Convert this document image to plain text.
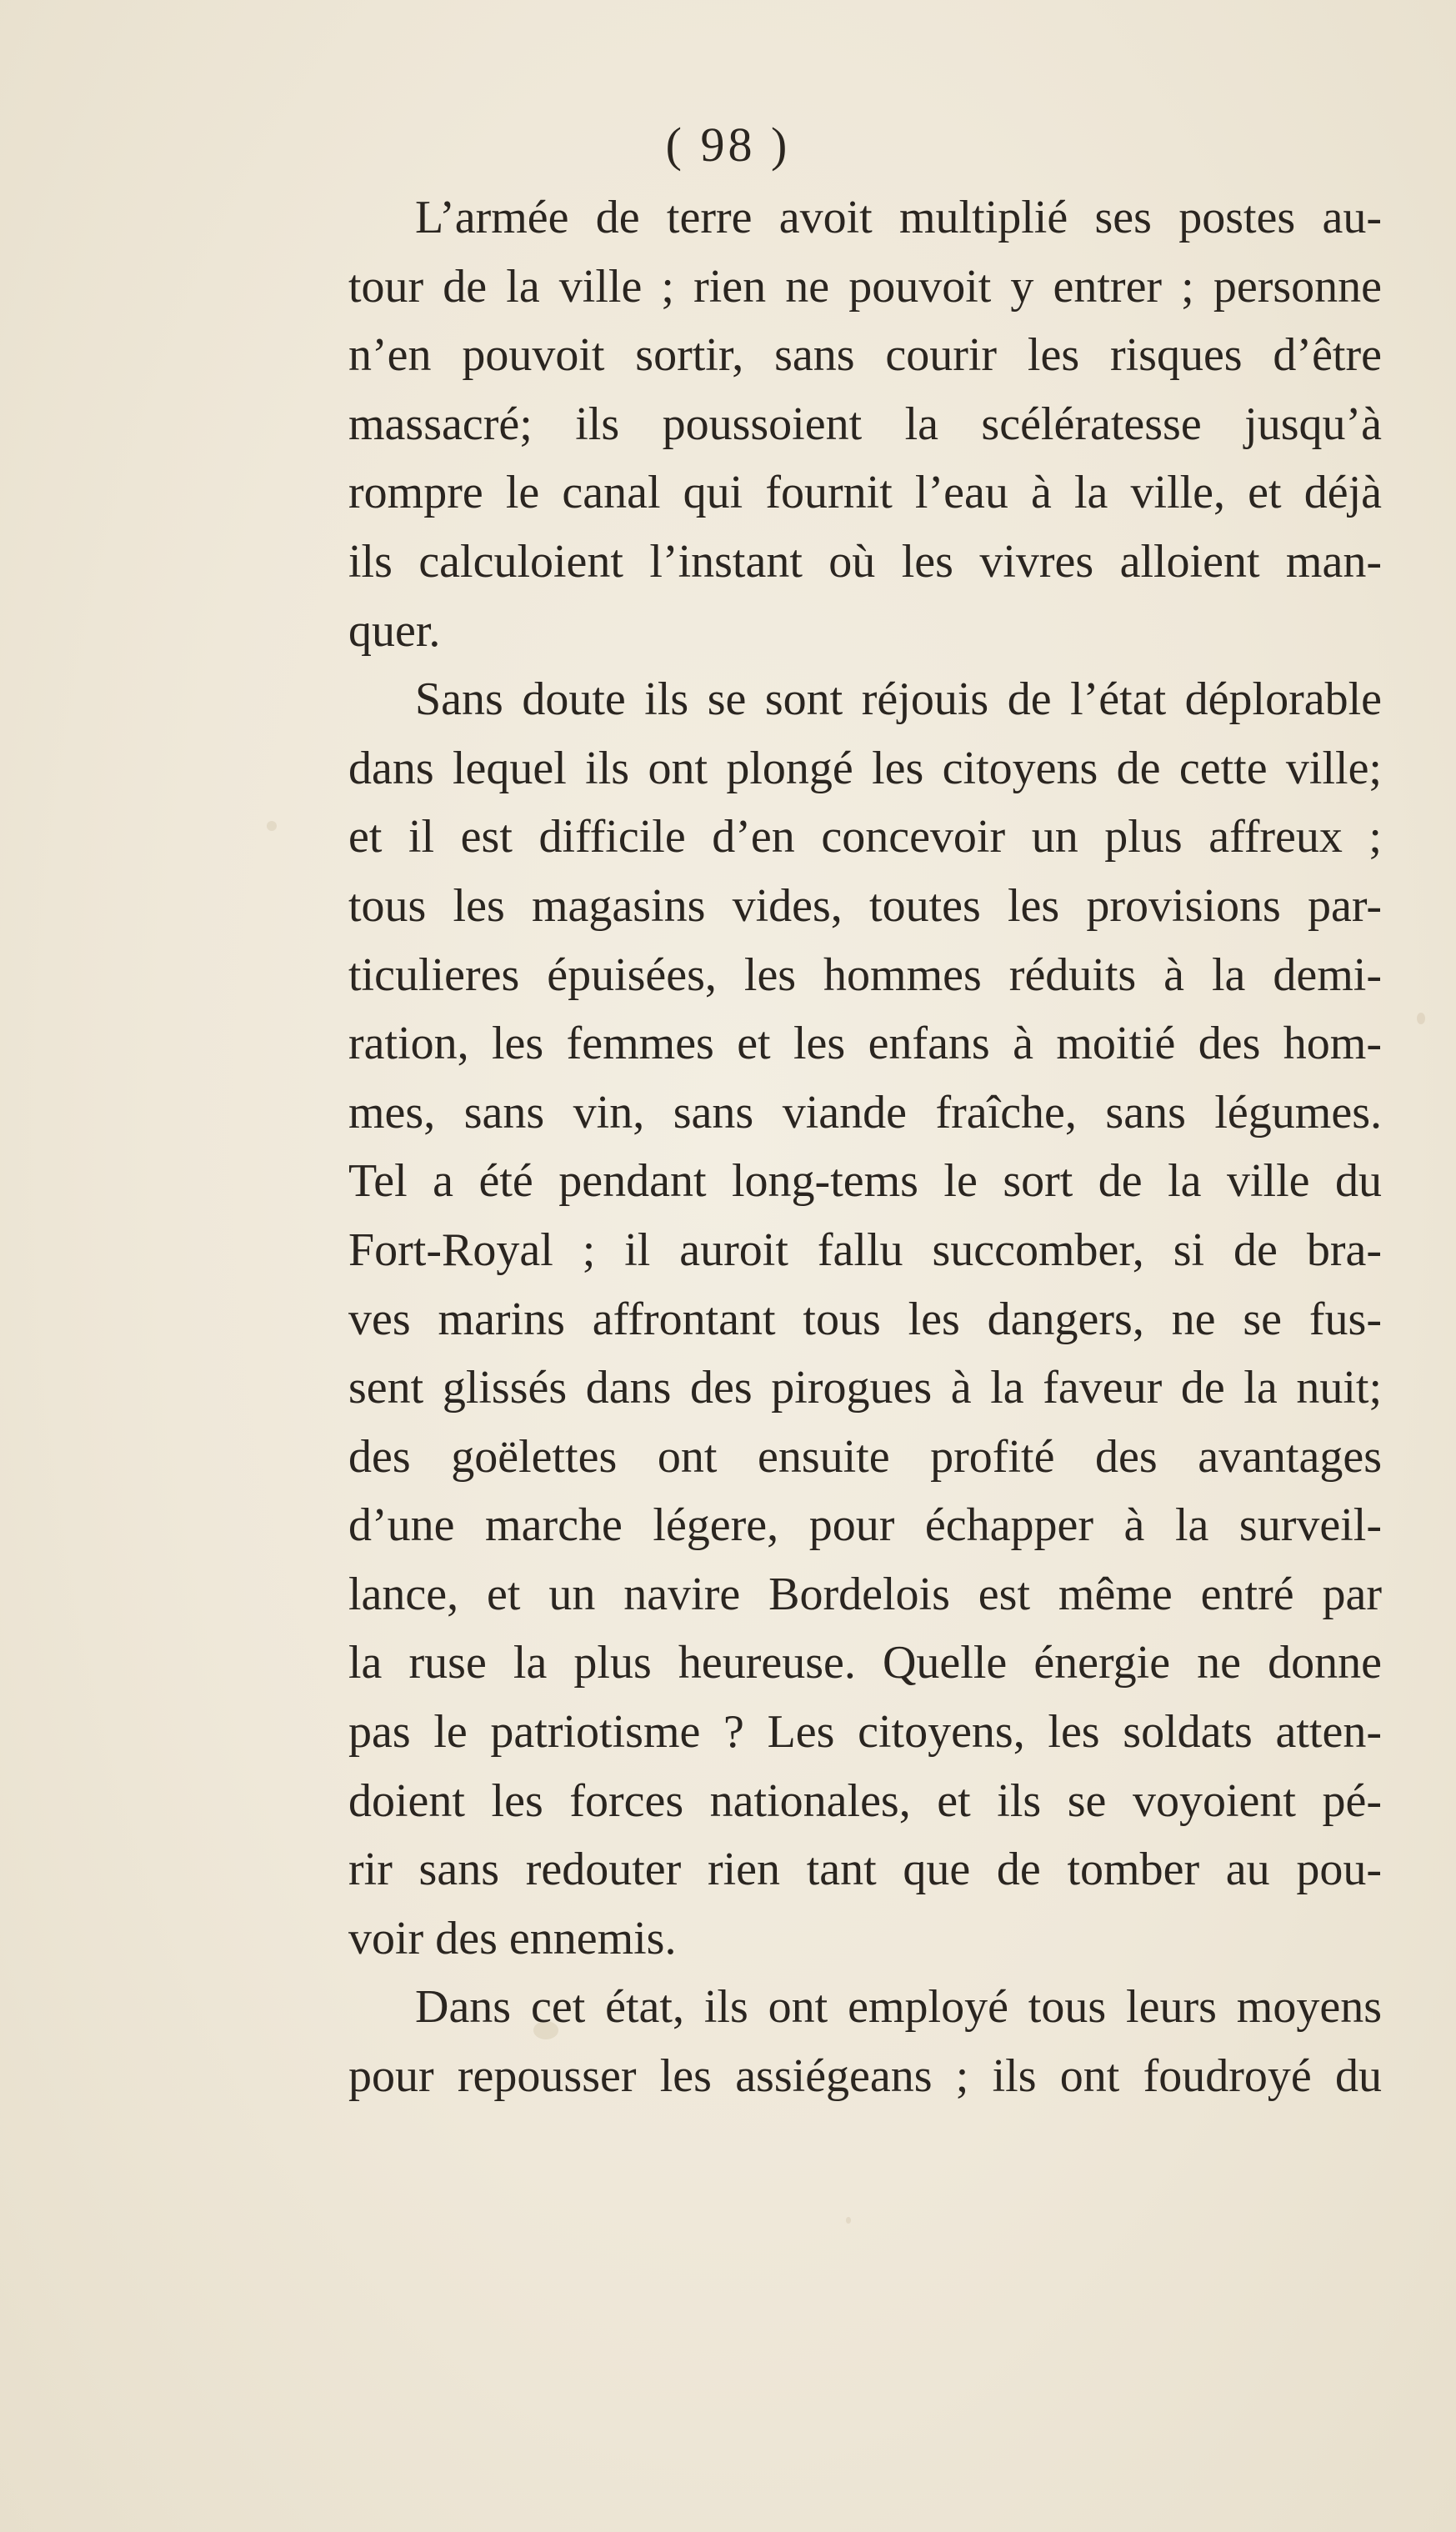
( 98 )
L’armée de terre avoit multiplié ses postes au-
tour de la ville ; rien ne pouvoit y entrer ; personne
n’en pouvoit sortir, sans courir les risques d’être
massacré; ils poussoient la scélératesse jusqu’à
rompre le canal qui fournit l’eau à la ville, et déjà
ils calculoient l’instant où les vivres alloient man-
quer.
Sans doute ils se sont réjouis de l’état déplorable
dans lequel ils ont plongé les citoyens de cette ville;
et il est difficile d’en concevoir un plus affreux ;
tous les magasins vides, toutes les provisions par-
ticulieres épuisées, les hommes réduits à la demi-
ration, les femmes et les enfans à moitié des hom-
mes, sans vin, sans viande fraîche, sans légumes.
Tel a été pendant long-tems le sort de la ville du
Fort-Royal ; il auroit fallu succomber, si de bra-
ves marins affrontant tous les dangers, ne se fus-
sent glissés dans des pirogues à la faveur de la nuit;
des goëlettes ont ensuite profité des avantages
d’une marche légere, pour échapper à la surveil-
lance, et un navire Bordelois est même entré par
la ruse la plus heureuse. Quelle énergie ne donne
pas le patriotisme ? Les citoyens, les soldats atten-
doient les forces nationales, et ils se voyoient pé-
rir sans redouter rien tant que de tomber au pou-
voir des ennemis.
Dans cet état, ils ont employé tous leurs moyens
pour repousser les assiégeans ; ils ont foudroyé du
